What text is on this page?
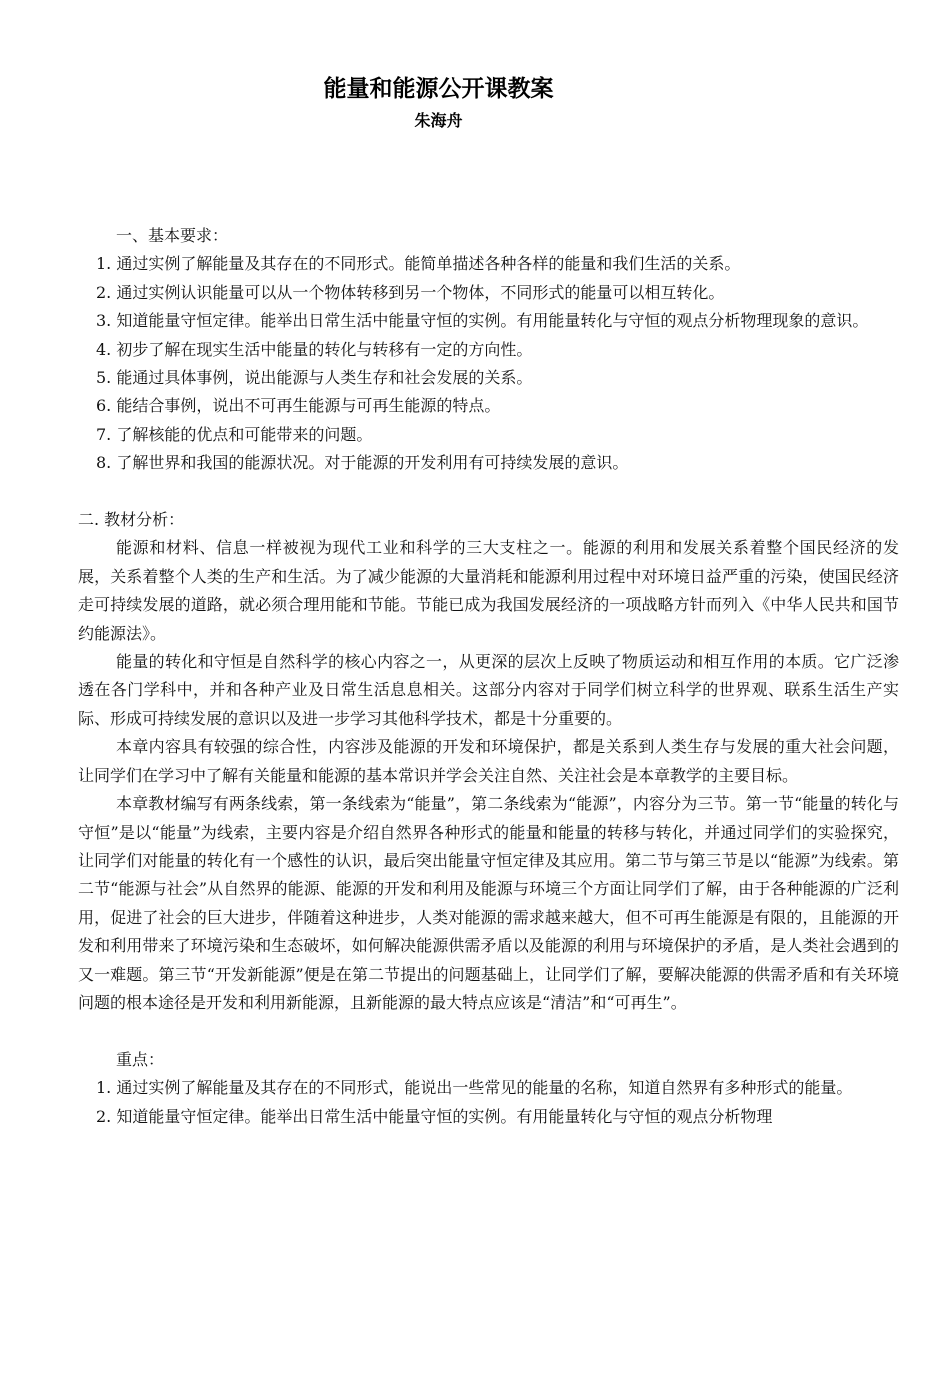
能量和能源公开课教案
朱海舟

一、基本要求：

1. 通过实例了解能量及其存在的不同形式。能简单描述各种各样的能量和我们生活的关系。

2. 通过实例认识能量可以从一个物体转移到另一个物体，不同形式的能量可以相互转化。

3. 知道能量守恒定律。能举出日常生活中能量守恒的实例。有用能量转化与守恒的观点分析物理现象的意识。

4. 初步了解在现实生活中能量的转化与转移有一定的方向性。

5. 能通过具体事例，说出能源与人类生存和社会发展的关系。

6. 能结合事例，说出不可再生能源与可再生能源的特点。

7. 了解核能的优点和可能带来的问题。

8. 了解世界和我国的能源状况。对于能源的开发利用有可持续发展的意识。

二. 教材分析：

能源和材料、信息一样被视为现代工业和科学的三大支柱之一。能源的利用和发展关系着整个国民经济的发展，关系着整个人类的生产和生活。为了减少能源的大量消耗和能源利用过程中对环境日益严重的污染，使国民经济走可持续发展的道路，就必须合理用能和节能。节能已成为我国发展经济的一项战略方针而列入《中华人民共和国节约能源法》。

能量的转化和守恒是自然科学的核心内容之一，从更深的层次上反映了物质运动和相互作用的本质。它广泛渗透在各门学科中，并和各种产业及日常生活息息相关。这部分内容对于同学们树立科学的世界观、联系生活生产实际、形成可持续发展的意识以及进一步学习其他科学技术，都是十分重要的。

本章内容具有较强的综合性，内容涉及能源的开发和环境保护，都是关系到人类生存与发展的重大社会问题，让同学们在学习中了解有关能量和能源的基本常识并学会关注自然、关注社会是本章教学的主要目标。

本章教材编写有两条线索，第一条线索为“能量”，第二条线索为“能源”，内容分为三节。第一节“能量的转化与守恒”是以“能量”为线索，主要内容是介绍自然界各种形式的能量和能量的转移与转化，并通过同学们的实验探究，让同学们对能量的转化有一个感性的认识，最后突出能量守恒定律及其应用。第二节与第三节是以“能源”为线索。第二节“能源与社会”从自然界的能源、能源的开发和利用及能源与环境三个方面让同学们了解，由于各种能源的广泛利用，促进了社会的巨大进步，伴随着这种进步，人类对能源的需求越来越大，但不可再生能源是有限的，且能源的开发和利用带来了环境污染和生态破坏，如何解决能源供需矛盾以及能源的利用与环境保护的矛盾，是人类社会遇到的又一难题。第三节“开发新能源”便是在第二节提出的问题基础上，让同学们了解，要解决能源的供需矛盾和有关环境问题的根本途径是开发和利用新能源，且新能源的最大特点应该是“清洁”和“可再生”。

重点：

1. 通过实例了解能量及其存在的不同形式，能说出一些常见的能量的名称，知道自然界有多种形式的能量。

2. 知道能量守恒定律。能举出日常生活中能量守恒的实例。有用能量转化与守恒的观点分析物理
